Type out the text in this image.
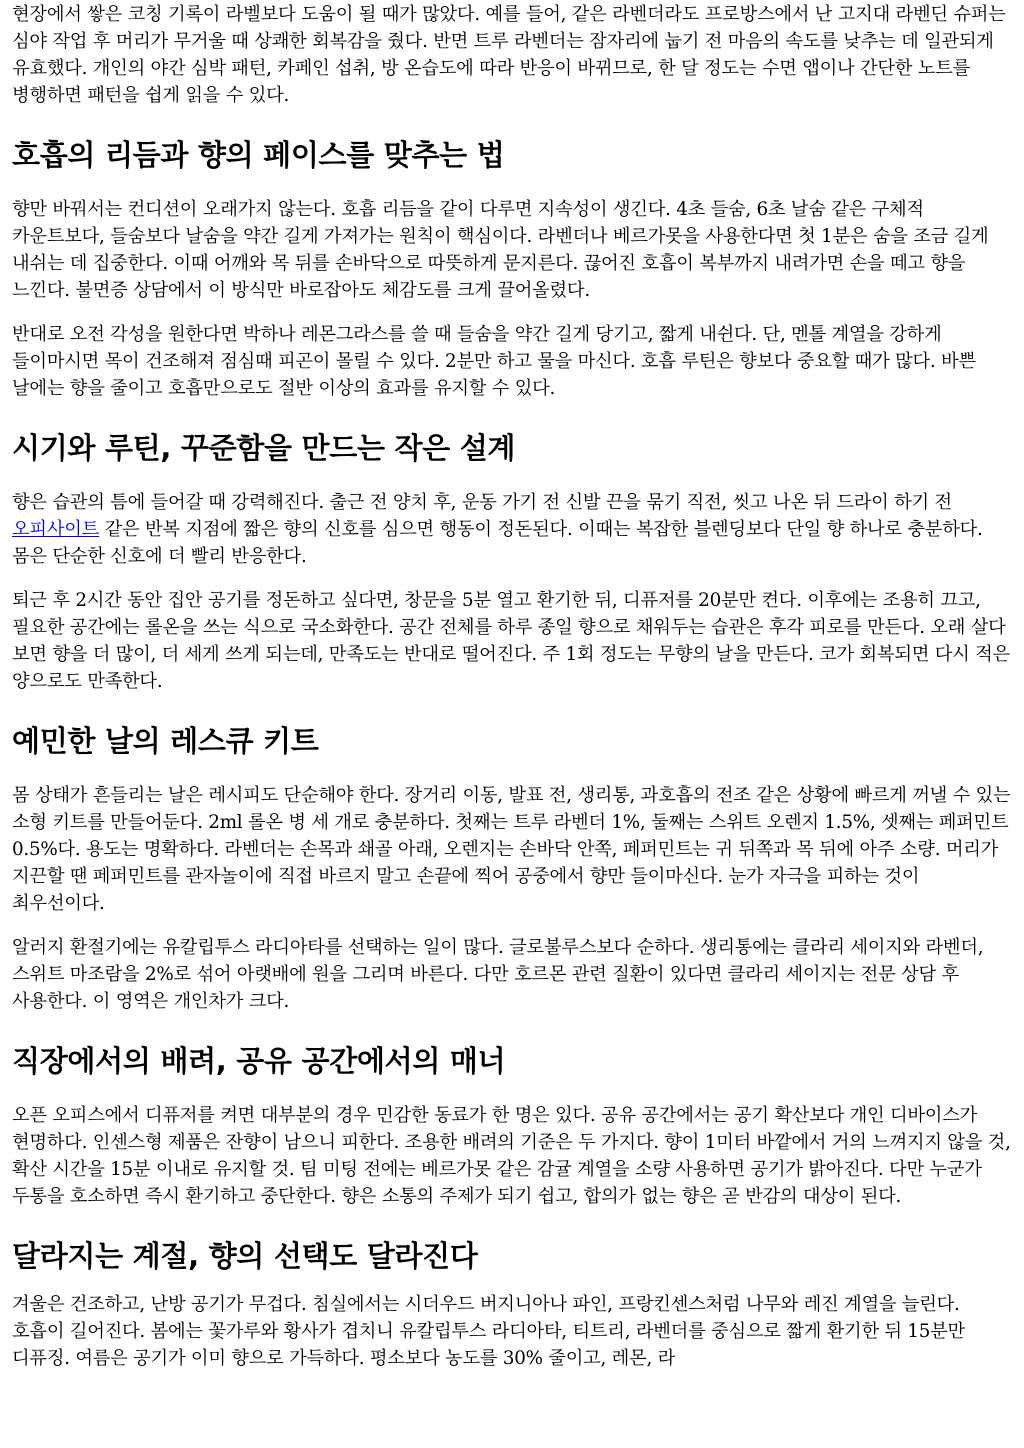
현장에서 쌓은 코칭 기록이 라벨보다 도움이 될 때가 많았다. 예를 들어, 같은 라벤더라도 프로방스에서 난 고지대 라벤딘 슈퍼는 심야 작업 후 머리가 무거울 때 상쾌한 회복감을 줬다. 반면 트루 라벤더는 잠자리에 눕기 전 마음의 속도를 낮추는 데 일관되게 유효했다. 개인의 야간 심박 패턴, 카페인 섭취, 방 온습도에 따라 반응이 바뀌므로, 한 달 정도는 수면 앱이나 간단한 노트를 병행하면 패턴을 쉽게 읽을 수 있다.

호흡의 리듬과 향의 페이스를 맞추는 법

향만 바꿔서는 컨디션이 오래가지 않는다. 호흡 리듬을 같이 다루면 지속성이 생긴다. 4초 들숨, 6초 날숨 같은 구체적 카운트보다, 들숨보다 날숨을 약간 길게 가져가는 원칙이 핵심이다. 라벤더나 베르가못을 사용한다면 첫 1분은 숨을 조금 길게 내쉬는 데 집중한다. 이때 어깨와 목 뒤를 손바닥으로 따뜻하게 문지른다. 끊어진 호흡이 복부까지 내려가면 손을 떼고 향을 느낀다. 불면증 상담에서 이 방식만 바로잡아도 체감도를 크게 끌어올렸다.

반대로 오전 각성을 원한다면 박하나 레몬그라스를 쓸 때 들숨을 약간 길게 당기고, 짧게 내쉰다. 단, 멘톨 계열을 강하게 들이마시면 목이 건조해져 점심때 피곤이 몰릴 수 있다. 2분만 하고 물을 마신다. 호흡 루틴은 향보다 중요할 때가 많다. 바쁜 날에는 향을 줄이고 호흡만으로도 절반 이상의 효과를 유지할 수 있다.

시기와 루틴, 꾸준함을 만드는 작은 설계

향은 습관의 틈에 들어갈 때 강력해진다. 출근 전 양치 후, 운동 가기 전 신발 끈을 묶기 직전, 씻고 나온 뒤 드라이 하기 전 오피사이트 같은 반복 지점에 짧은 향의 신호를 심으면 행동이 정돈된다. 이때는 복잡한 블렌딩보다 단일 향 하나로 충분하다. 몸은 단순한 신호에 더 빨리 반응한다.

퇴근 후 2시간 동안 집안 공기를 정돈하고 싶다면, 창문을 5분 열고 환기한 뒤, 디퓨저를 20분만 켠다. 이후에는 조용히 끄고, 필요한 공간에는 롤온을 쓰는 식으로 국소화한다. 공간 전체를 하루 종일 향으로 채워두는 습관은 후각 피로를 만든다. 오래 살다 보면 향을 더 많이, 더 세게 쓰게 되는데, 만족도는 반대로 떨어진다. 주 1회 정도는 무향의 날을 만든다. 코가 회복되면 다시 적은 양으로도 만족한다.

예민한 날의 레스큐 키트

몸 상태가 흔들리는 날은 레시피도 단순해야 한다. 장거리 이동, 발표 전, 생리통, 과호흡의 전조 같은 상황에 빠르게 꺼낼 수 있는 소형 키트를 만들어둔다. 2ml 롤온 병 세 개로 충분하다. 첫째는 트루 라벤더 1%, 둘째는 스위트 오렌지 1.5%, 셋째는 페퍼민트 0.5%다. 용도는 명확하다. 라벤더는 손목과 쇄골 아래, 오렌지는 손바닥 안쪽, 페퍼민트는 귀 뒤쪽과 목 뒤에 아주 소량. 머리가 지끈할 땐 페퍼민트를 관자놀이에 직접 바르지 말고 손끝에 찍어 공중에서 향만 들이마신다. 눈가 자극을 피하는 것이 최우선이다.

알러지 환절기에는 유칼립투스 라디아타를 선택하는 일이 많다. 글로불루스보다 순하다. 생리통에는 클라리 세이지와 라벤더, 스위트 마조람을 2%로 섞어 아랫배에 원을 그리며 바른다. 다만 호르몬 관련 질환이 있다면 클라리 세이지는 전문 상담 후 사용한다. 이 영역은 개인차가 크다.

직장에서의 배려, 공유 공간에서의 매너

오픈 오피스에서 디퓨저를 켜면 대부분의 경우 민감한 동료가 한 명은 있다. 공유 공간에서는 공기 확산보다 개인 디바이스가 현명하다. 인센스형 제품은 잔향이 남으니 피한다. 조용한 배려의 기준은 두 가지다. 향이 1미터 바깥에서 거의 느껴지지 않을 것, 확산 시간을 15분 이내로 유지할 것. 팀 미팅 전에는 베르가못 같은 감귤 계열을 소량 사용하면 공기가 밝아진다. 다만 누군가 두통을 호소하면 즉시 환기하고 중단한다. 향은 소통의 주제가 되기 쉽고, 합의가 없는 향은 곧 반감의 대상이 된다.

달라지는 계절, 향의 선택도 달라진다

겨울은 건조하고, 난방 공기가 무겁다. 침실에서는 시더우드 버지니아나 파인, 프랑킨센스처럼 나무와 레진 계열을 늘린다. 호흡이 길어진다. 봄에는 꽃가루와 황사가 겹치니 유칼립투스 라디아타, 티트리, 라벤더를 중심으로 짧게 환기한 뒤 15분만 디퓨징. 여름은 공기가 이미 향으로 가득하다. 평소보다 농도를 30% 줄이고, 레몬, 라
